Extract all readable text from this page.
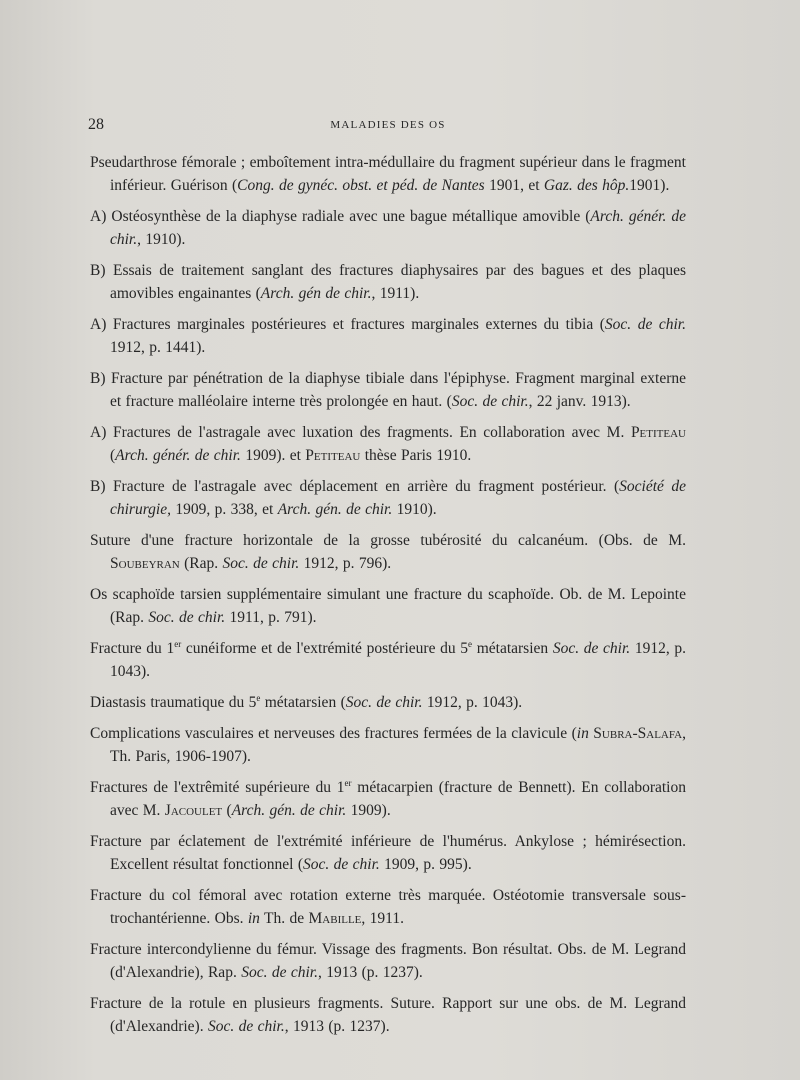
28	MALADIES DES OS
Pseudarthrose fémorale ; emboîtement intra-médullaire du fragment supérieur dans le fragment inférieur. Guérison (Cong. de gynéc. obst. et péd. de Nantes 1901, et Gaz. des hôp.1901).
A) Ostéosynthèse de la diaphyse radiale avec une bague métallique amovible (Arch. génér. de chir., 1910).
B) Essais de traitement sanglant des fractures diaphysaires par des bagues et des plaques amovibles engainantes (Arch. gén de chir., 1911).
A) Fractures marginales postérieures et fractures marginales externes du tibia (Soc. de chir. 1912, p. 1441).
B) Fracture par pénétration de la diaphyse tibiale dans l'épiphyse. Fragment marginal externe et fracture malléolaire interne très prolongée en haut. (Soc. de chir., 22 janv. 1913).
A) Fractures de l'astragale avec luxation des fragments. En collaboration avec M. Petiteau (Arch. génér. de chir. 1909). et Petiteau thèse Paris 1910.
B) Fracture de l'astragale avec déplacement en arrière du fragment postérieur. (Société de chirurgie, 1909, p. 338, et Arch. gén. de chir. 1910).
Suture d'une fracture horizontale de la grosse tubérosité du calcanéum. (Obs. de M. Soubeyran (Rap. Soc. de chir. 1912, p. 796).
Os scaphoïde tarsien supplémentaire simulant une fracture du scaphoïde. Ob. de M. Lepointe (Rap. Soc. de chir. 1911, p. 791).
Fracture du 1er cunéiforme et de l'extrémité postérieure du 5e métatarsien Soc. de chir. 1912, p. 1043).
Diastasis traumatique du 5e métatarsien (Soc. de chir. 1912, p. 1043).
Complications vasculaires et nerveuses des fractures fermées de la clavicule (in Subra-Salafa, Th. Paris, 1906-1907).
Fractures de l'extrêmité supérieure du 1er métacarpien (fracture de Bennett). En collaboration avec M. Jacoulet (Arch. gén. de chir. 1909).
Fracture par éclatement de l'extrémité inférieure de l'humérus. Ankylose ; hémirésection. Excellent résultat fonctionnel (Soc. de chir. 1909, p. 995).
Fracture du col fémoral avec rotation externe très marquée. Ostéotomie transversale sous-trochantérienne. Obs. in Th. de Mabille, 1911.
Fracture intercondylienne du fémur. Vissage des fragments. Bon résultat. Obs. de M. Legrand (d'Alexandrie), Rap. Soc. de chir., 1913 (p. 1237).
Fracture de la rotule en plusieurs fragments. Suture. Rapport sur une obs. de M. Legrand (d'Alexandrie). Soc. de chir., 1913 (p. 1237).
